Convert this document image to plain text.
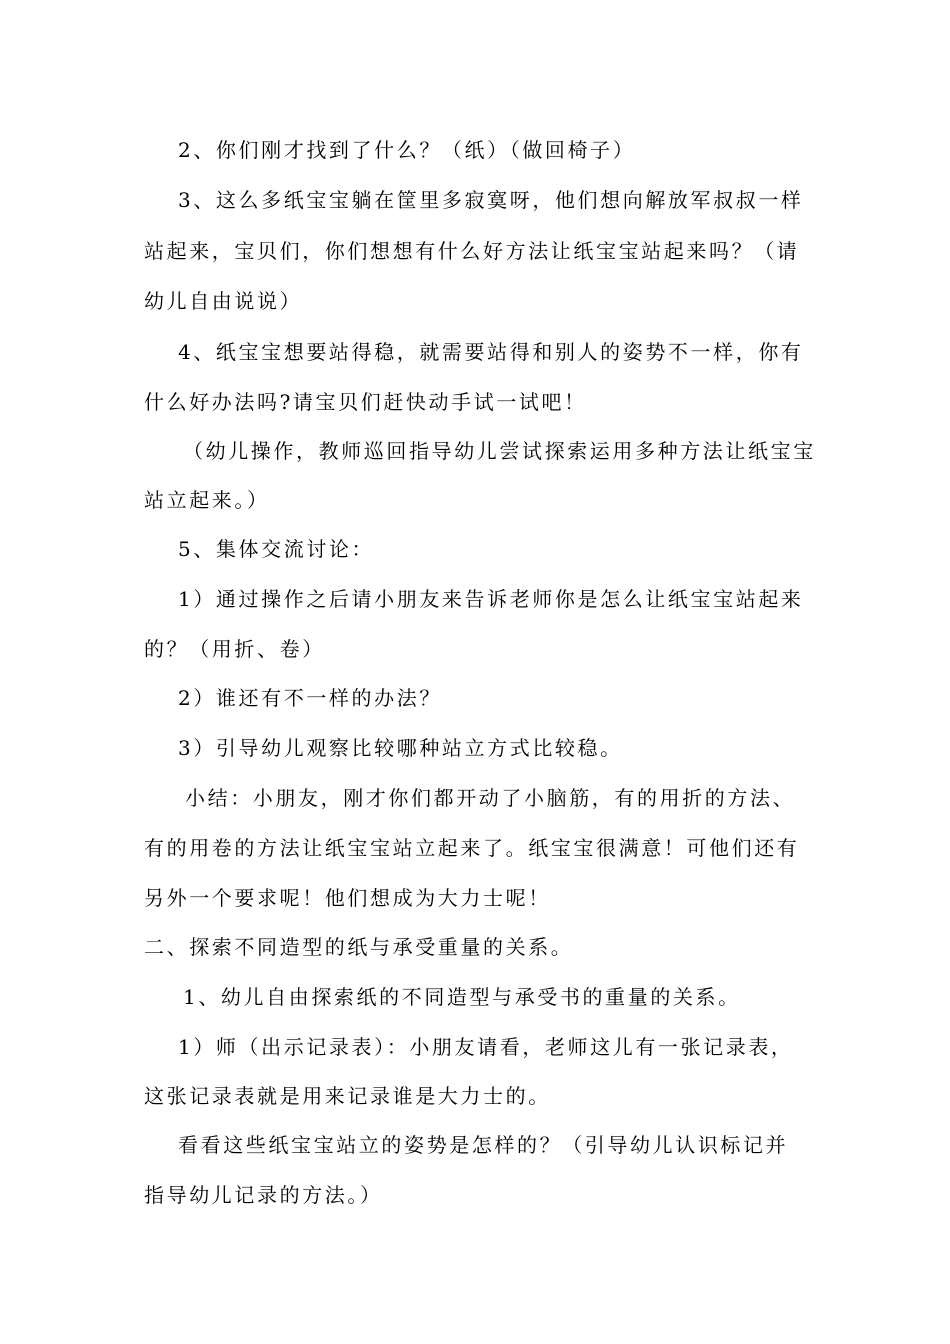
2、你们刚才找到了什么？（纸）（做回椅子）

3、这么多纸宝宝躺在筐里多寂寞呀，他们想向解放军叔叔一样

站起来，宝贝们，你们想想有什么好方法让纸宝宝站起来吗？（请

幼儿自由说说）

4、纸宝宝想要站得稳，就需要站得和别人的姿势不一样，你有

什么好办法吗?请宝贝们赶快动手试一试吧！

（幼儿操作，教师巡回指导幼儿尝试探索运用多种方法让纸宝宝

站立起来。）

5、集体交流讨论：

1）通过操作之后请小朋友来告诉老师你是怎么让纸宝宝站起来

的？（用折、卷）

2）谁还有不一样的办法？

3）引导幼儿观察比较哪种站立方式比较稳。

小结：小朋友，刚才你们都开动了小脑筋，有的用折的方法、

有的用卷的方法让纸宝宝站立起来了。纸宝宝很满意！可他们还有

另外一个要求呢！他们想成为大力士呢！

二、探索不同造型的纸与承受重量的关系。

1、幼儿自由探索纸的不同造型与承受书的重量的关系。

1）师（出示记录表）：小朋友请看，老师这儿有一张记录表，

这张记录表就是用来记录谁是大力士的。

看看这些纸宝宝站立的姿势是怎样的？（引导幼儿认识标记并

指导幼儿记录的方法。）
